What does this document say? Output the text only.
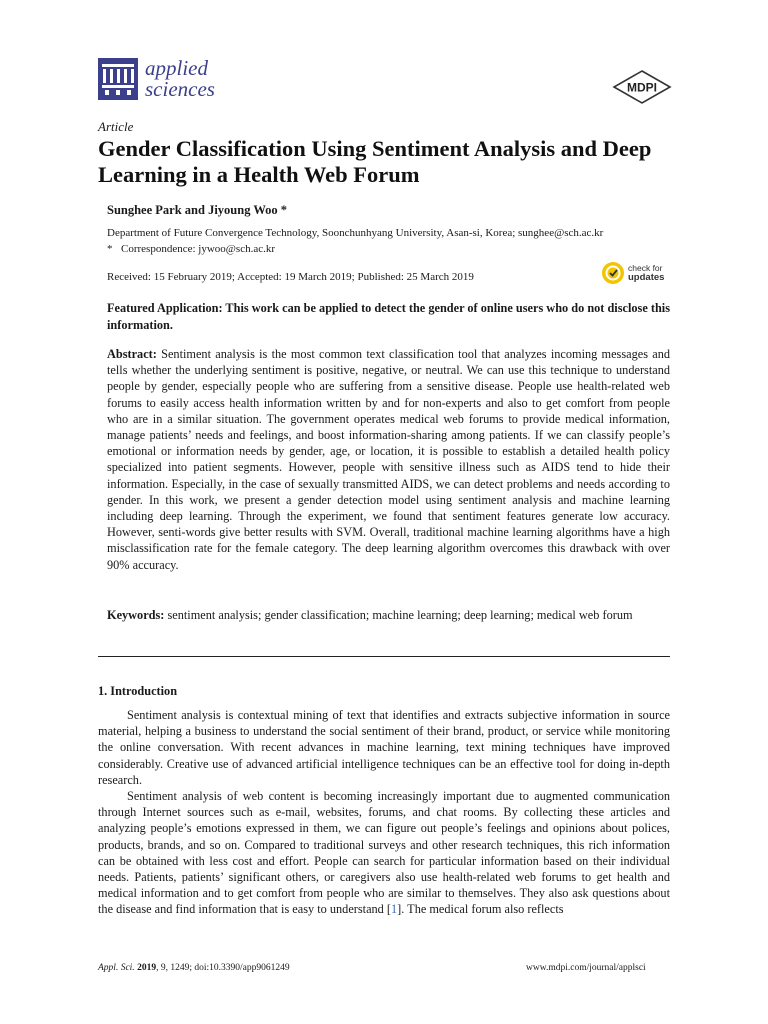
applied
sciences	MDPI
Article
Gender Classification Using Sentiment Analysis and Deep Learning in a Health Web Forum
Sunghee Park and Jiyoung Woo *

Department of Future Convergence Technology, Soonchunhyang University, Asan-si, Korea; sunghee@sch.ac.kr

* Correspondence: jywoo@sch.ac.kr

Received: 15 February 2019; Accepted: 19 March 2019; Published: 25 March 2019
check for
updates

Featured Application: This work can be applied to detect the gender of online users who do not disclose this information.

Abstract: Sentiment analysis is the most common text classification tool that analyzes incoming messages and tells whether the underlying sentiment is positive, negative, or neutral. We can use this technique to understand people by gender, especially people who are suffering from a sensitive disease. People use health-related web forums to easily access health information written by and for non-experts and also to get comfort from people who are in a similar situation. The government operates medical web forums to provide medical information, manage patients’ needs and feelings, and boost information-sharing among patients. If we can classify people’s emotional or information needs by gender, age, or location, it is possible to establish a detailed health policy specialized into patient segments. However, people with sensitive illness such as AIDS tend to hide their information. Especially, in the case of sexually transmitted AIDS, we can detect problems and needs according to gender. In this work, we present a gender detection model using sentiment analysis and machine learning including deep learning. Through the experiment, we found that sentiment features generate low accuracy. However, senti-words give better results with SVM. Overall, traditional machine learning algorithms have a high misclassification rate for the female category. The deep learning algorithm overcomes this drawback with over 90% accuracy.

Keywords: sentiment analysis; gender classification; machine learning; deep learning; medical web forum

1. Introduction

Sentiment analysis is contextual mining of text that identifies and extracts subjective information in source material, helping a business to understand the social sentiment of their brand, product, or service while monitoring the online conversation. With recent advances in machine learning, text mining techniques have improved considerably. Creative use of advanced artificial intelligence techniques can be an effective tool for doing in-depth research.

Sentiment analysis of web content is becoming increasingly important due to augmented communication through Internet sources such as e-mail, websites, forums, and chat rooms. By collecting these articles and analyzing people’s emotions expressed in them, we can figure out people’s feelings and opinions about polices, products, brands, and so on. Compared to traditional surveys and other research techniques, this rich information can be obtained with less cost and effort. People can search for particular information based on their individual needs. Patients, patients’ significant others, or caregivers also use health-related web forums to get health and medical information and to get comfort from people who are similar to themselves. They also ask questions about the disease and find information that is easy to understand [1]. The medical forum also reflects

Appl. Sci. 2019, 9, 1249; doi:10.3390/app9061249	www.mdpi.com/journal/applsci
